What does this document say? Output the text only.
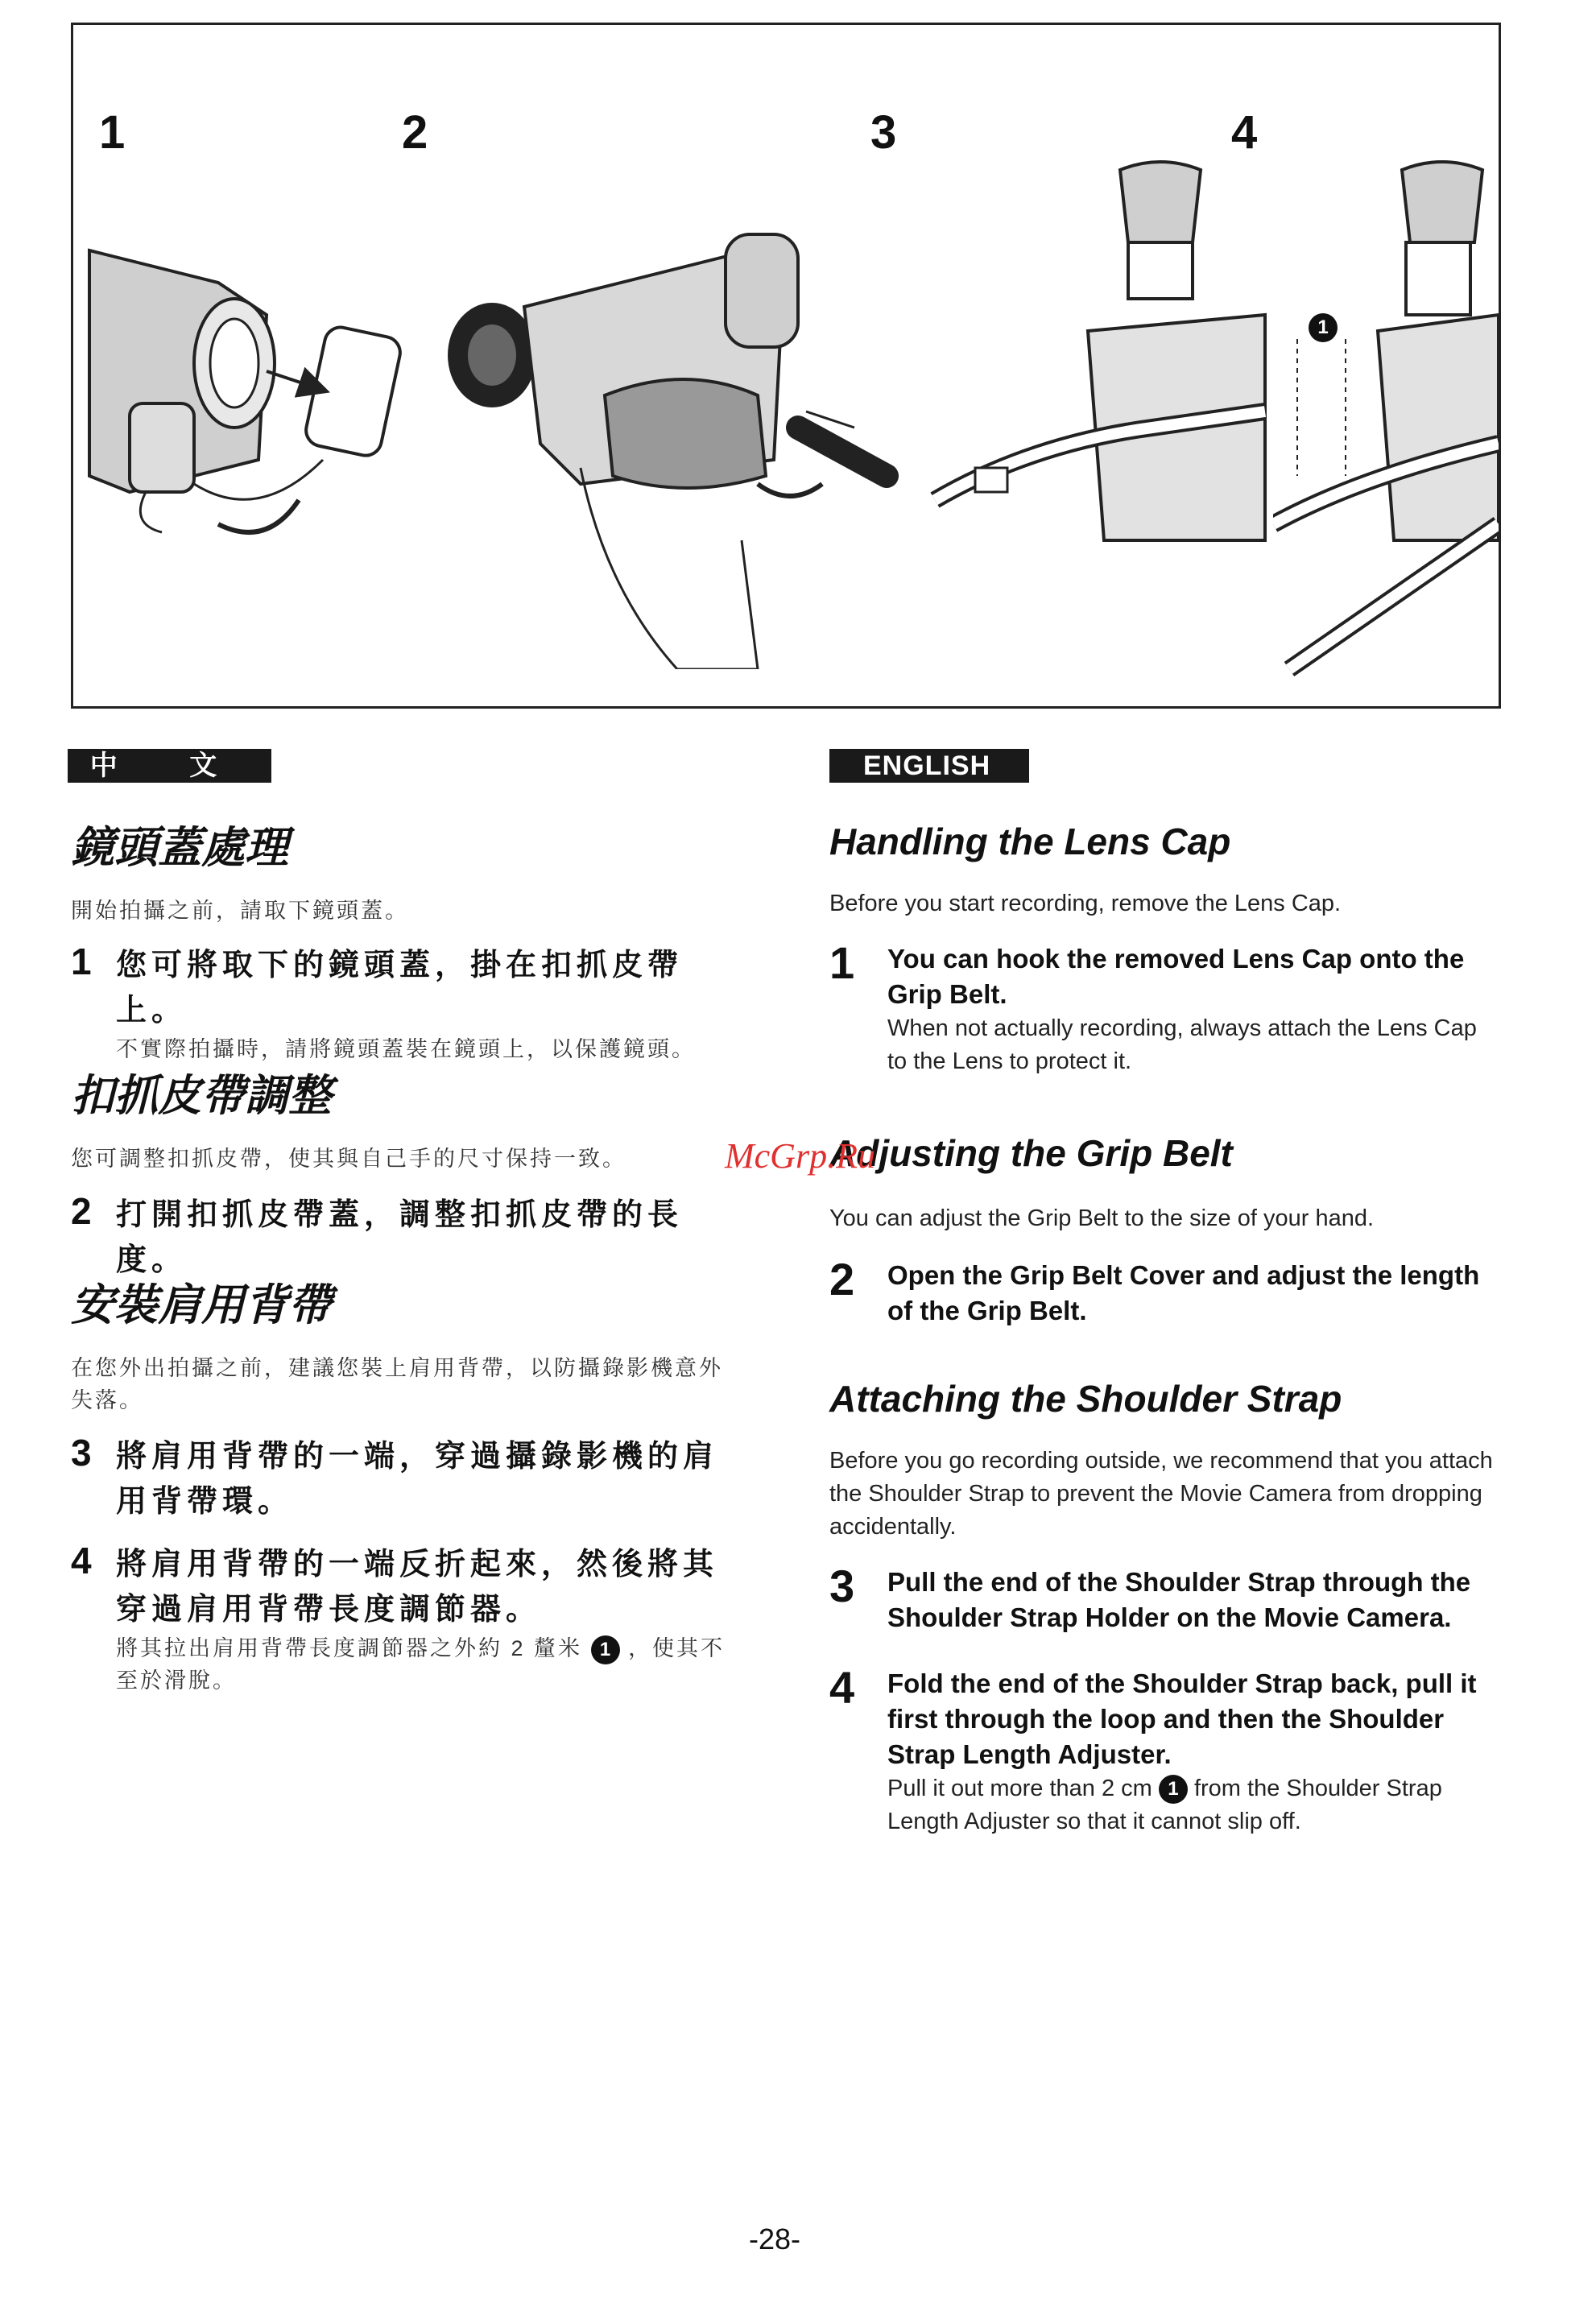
1	2	3	4
1
中 文	ENGLISH
鏡頭蓋處理

開始拍攝之前，請取下鏡頭蓋。

1 您可將取下的鏡頭蓋，掛在扣抓皮帶上。

不實際拍攝時，請將鏡頭蓋裝在鏡頭上，以保護鏡頭。

扣抓皮帶調整

您可調整扣抓皮帶，使其與自己手的尺寸保持一致。

2 打開扣抓皮帶蓋，調整扣抓皮帶的長度。

安裝肩用背帶

在您外出拍攝之前，建議您裝上肩用背帶，以防攝錄影機意外失落。

3 將肩用背帶的一端，穿過攝錄影機的肩用背帶環。

4 將肩用背帶的一端反折起來，然後將其穿過肩用背帶長度調節器。

將其拉出肩用背帶長度調節器之外約 2 釐米 1 ，使其不至於滑脫。

Handling the Lens Cap

Before you start recording, remove the Lens Cap.

1 You can hook the removed Lens Cap onto the Grip Belt.

When not actually recording, always attach the Lens Cap to the Lens to protect it.

Adjusting the Grip Belt

You can adjust the Grip Belt to the size of your hand.

2 Open the Grip Belt Cover and adjust the length of the Grip Belt.

Attaching the Shoulder Strap

Before you go recording outside, we recommend that you attach the Shoulder Strap to prevent the Movie Camera from dropping accidentally.

3 Pull the end of the Shoulder Strap through the Shoulder Strap Holder on the Movie Camera.

4 Fold the end of the Shoulder Strap back, pull it first through the loop and then the Shoulder Strap Length Adjuster.

Pull it out more than 2 cm 1 from the Shoulder Strap Length Adjuster so that it cannot slip off.

McGrp.Ru
-28-
